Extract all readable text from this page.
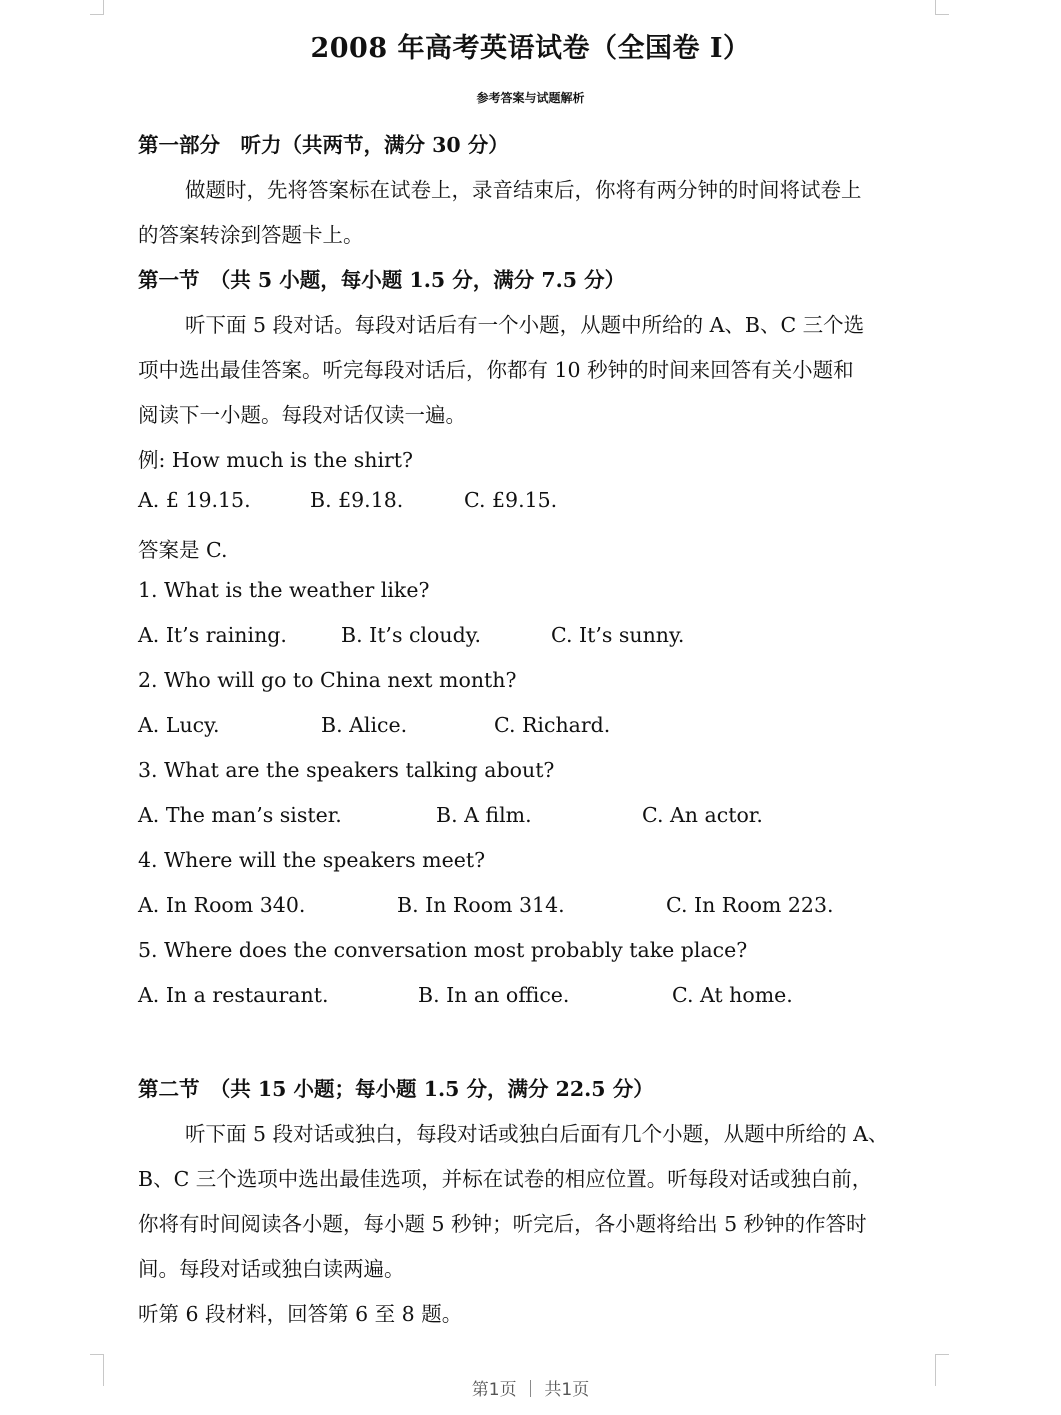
2008 年高考英语试卷（全国卷 I）
参考答案与试题解析
第一部分　听力（共两节，满分 30 分）
做题时，先将答案标在试卷上，录音结束后，你将有两分钟的时间将试卷上
的答案转涂到答题卡上。
第一节　（共 5 小题，每小题 1.5 分，满分 7.5 分）
听下面 5 段对话。每段对话后有一个小题，从题中所给的 A、B、C 三个选
项中选出最佳答案。听完每段对话后，你都有 10 秒钟的时间来回答有关小题和
阅读下一小题。每段对话仅读一遍。
例: How much is the shirt?
A. £ 19.15.	B. £9.18.	C. £9.15.
答案是 C.
1. What is the weather like?
A. It’s raining.	B. It’s cloudy.	C. It’s sunny.
2. Who will go to China next month?
A. Lucy.	B. Alice.	C. Richard.
3. What are the speakers talking about?
A. The man’s sister.	B. A film.	C. An actor.
4. Where will the speakers meet?
A. In Room 340.	B. In Room 314.	C. In Room 223.
5. Where does the conversation most probably take place?
A. In a restaurant.	B. In an office.	C. At home.
第二节　（共 15 小题；每小题 1.5 分，满分 22.5 分）
听下面 5 段对话或独白，每段对话或独白后面有几个小题，从题中所给的 A、
B、C 三个选项中选出最佳选项，并标在试卷的相应位置。听每段对话或独白前，
你将有时间阅读各小题，每小题 5 秒钟；听完后，各小题将给出 5 秒钟的作答时
间。每段对话或独白读两遍。
听第 6 段材料，回答第 6 至 8 题。
第1页 ｜ 共1页
